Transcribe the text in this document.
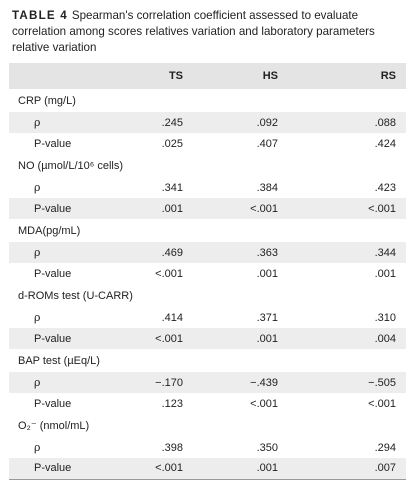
TABLE 4 Spearman's correlation coefficient assessed to evaluate correlation among scores relatives variation and laboratory parameters relative variation
	TS	HS	RS
CRP (mg/L)			
ρ	.245	.092	.088
P-value	.025	.407	.424
NO (µmol/L/10⁶ cells)			
ρ	.341	.384	.423
P-value	.001	<.001	<.001
MDA(pg/mL)			
ρ	.469	.363	.344
P-value	<.001	.001	.001
d-ROMs test (U-CARR)			
ρ	.414	.371	.310
P-value	<.001	.001	.004
BAP test (µEq/L)			
ρ	−.170	−.439	−.505
P-value	.123	<.001	<.001
O₂⁻ (nmol/mL)			
ρ	.398	.350	.294
P-value	<.001	.001	.007
